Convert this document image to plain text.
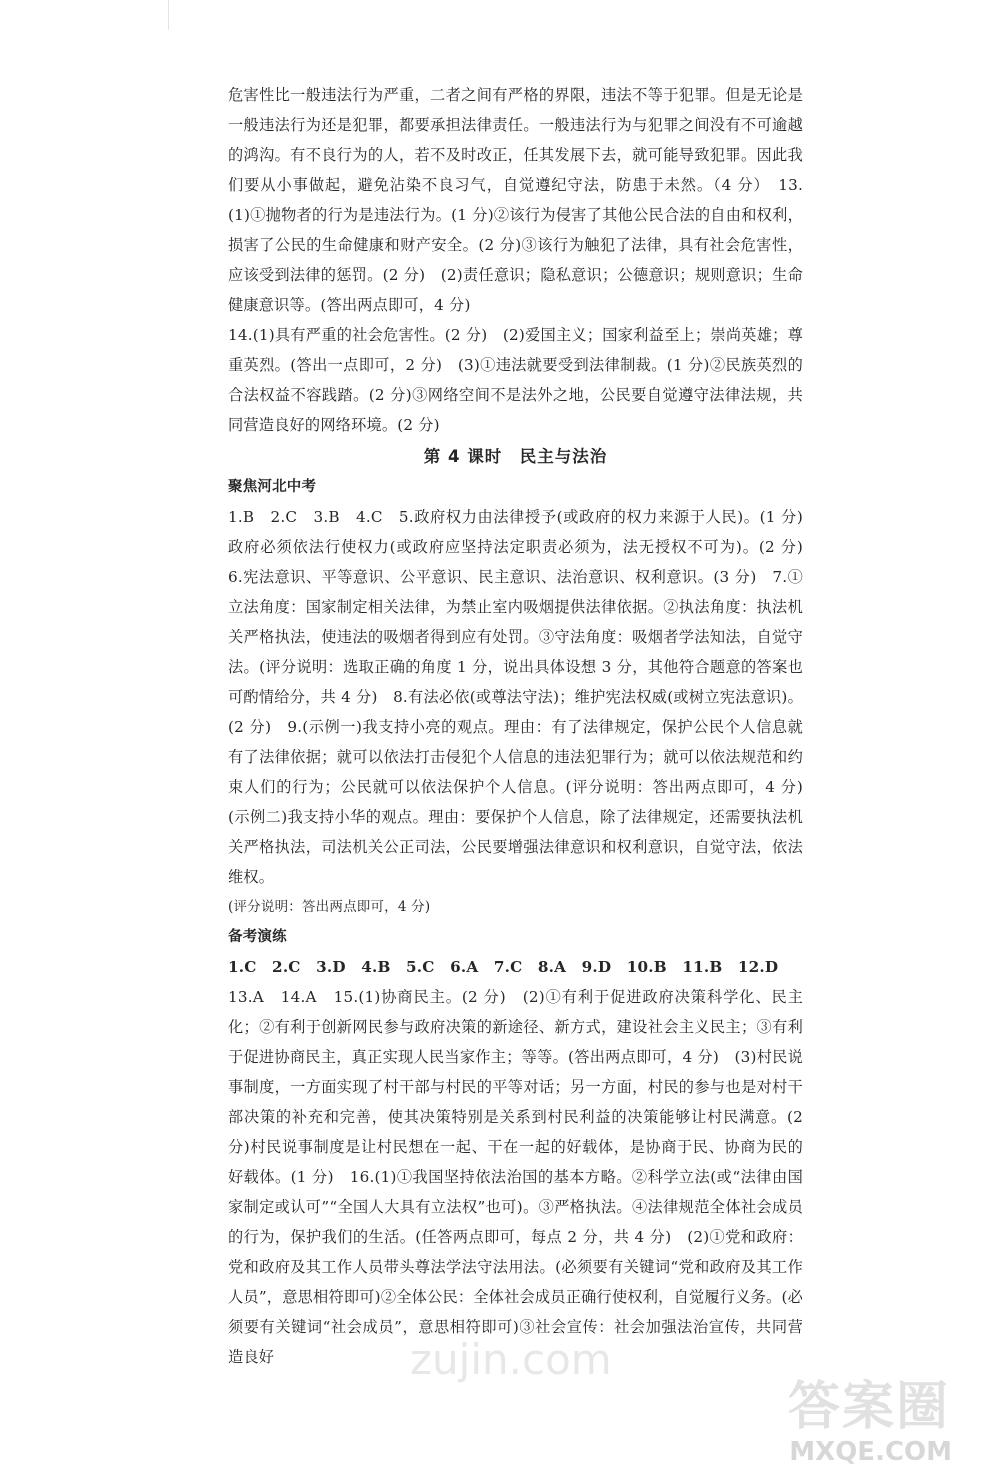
危害性比一般违法行为严重，二者之间有严格的界限，违法不等于犯罪。但是无论是一般违法行为还是犯罪，都要承担法律责任。一般违法行为与犯罪之间没有不可逾越的鸿沟。有不良行为的人，若不及时改正，任其发展下去，就可能导致犯罪。因此我们要从小事做起，避免沾染不良习气，自觉遵纪守法，防患于未然。（4 分）　13.(1)①抛物者的行为是违法行为。(1 分)②该行为侵害了其他公民合法的自由和权利，损害了公民的生命健康和财产安全。(2 分)③该行为触犯了法律，具有社会危害性，应该受到法律的惩罚。(2 分)　(2)责任意识；隐私意识；公德意识；规则意识；生命健康意识等。(答出两点即可，4 分)

14.(1)具有严重的社会危害性。(2 分)　(2)爱国主义；国家利益至上；崇尚英雄；尊重英烈。(答出一点即可，2 分)　(3)①违法就要受到法律制裁。(1 分)②民族英烈的合法权益不容践踏。(2 分)③网络空间不是法外之地，公民要自觉遵守法律法规，共同营造良好的网络环境。(2 分)

第 4 课时　民主与法治

聚焦河北中考

1.B　2.C　3.B　4.C　5.政府权力由法律授予(或政府的权力来源于人民)。(1 分)政府必须依法行使权力(或政府应坚持法定职责必须为，法无授权不可为)。(2 分)　6.宪法意识、平等意识、公平意识、民主意识、法治意识、权利意识。(3 分)　7.①立法角度：国家制定相关法律，为禁止室内吸烟提供法律依据。②执法角度：执法机关严格执法，使违法的吸烟者得到应有处罚。③守法角度：吸烟者学法知法，自觉守法。(评分说明：选取正确的角度 1 分，说出具体设想 3 分，其他符合题意的答案也可酌情给分，共 4 分)　8.有法必依(或尊法守法)；维护宪法权威(或树立宪法意识)。(2 分)　9.(示例一)我支持小亮的观点。理由：有了法律规定，保护公民个人信息就有了法律依据；就可以依法打击侵犯个人信息的违法犯罪行为；就可以依法规范和约束人们的行为；公民就可以依法保护个人信息。(评分说明：答出两点即可，4 分)　(示例二)我支持小华的观点。理由：要保护个人信息，除了法律规定，还需要执法机关严格执法，司法机关公正司法，公民要增强法律意识和权利意识，自觉守法，依法维权。

(评分说明：答出两点即可，4 分)

备考演练

1.C 2.C 3.D 4.B 5.C 6.A 7.C 8.A 9.D 10.B 11.B 12.D

13.A　14.A　15.(1)协商民主。(2 分)　(2)①有利于促进政府决策科学化、民主化；②有利于创新网民参与政府决策的新途径、新方式，建设社会主义民主；③有利于促进协商民主，真正实现人民当家作主；等等。(答出两点即可，4 分)　(3)村民说事制度，一方面实现了村干部与村民的平等对话；另一方面，村民的参与也是对村干部决策的补充和完善，使其决策特别是关系到村民利益的决策能够让村民满意。(2 分)村民说事制度是让村民想在一起、干在一起的好载体，是协商于民、协商为民的好载体。(1 分)　16.(1)①我国坚持依法治国的基本方略。②科学立法(或“法律由国家制定或认可”“全国人大具有立法权”也可)。③严格执法。④法律规范全体社会成员的行为，保护我们的生活。(任答两点即可，每点 2 分，共 4 分)　(2)①党和政府：党和政府及其工作人员带头尊法学法守法用法。(必须要有关键词“党和政府及其工作人员”，意思相符即可)②全体公民：全体社会成员正确行使权利，自觉履行义务。(必须要有关键词“社会成员”，意思相符即可)③社会宣传：社会加强法治宣传，共同营造良好	zujin.com
答案圈
MXQE.COM
